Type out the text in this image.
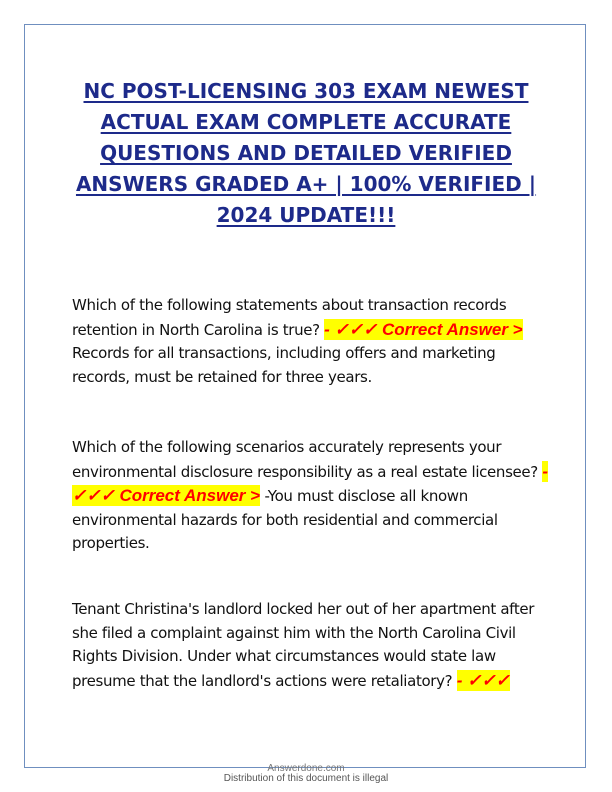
NC POST-LICENSING 303 EXAM NEWEST ACTUAL EXAM COMPLETE ACCURATE QUESTIONS AND DETAILED VERIFIED ANSWERS GRADED A+ | 100% VERIFIED | 2024 UPDATE!!!

Which of the following statements about transaction records retention in North Carolina is true? - ✓✓✓ Correct Answer > Records for all transactions, including offers and marketing records, must be retained for three years.

Which of the following scenarios accurately represents your environmental disclosure responsibility as a real estate licensee? - ✓✓✓ Correct Answer > -You must disclose all known environmental hazards for both residential and commercial properties.

Tenant Christina's landlord locked her out of her apartment after she filed a complaint against him with the North Carolina Civil Rights Division. Under what circumstances would state law presume that the landlord's actions were retaliatory? - ✓✓✓

Answerdone.com
Distribution of this document is illegal
